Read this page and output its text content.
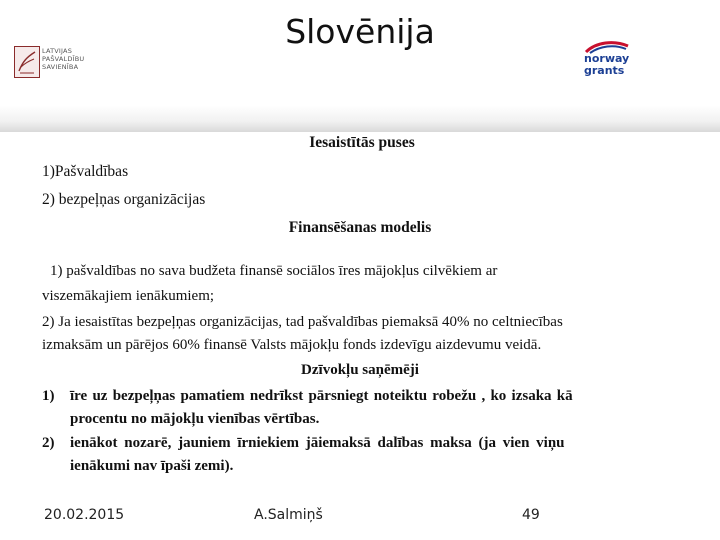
LATVIJAS
PAŠVALDĪBU
SAVIENĪBA
Slovēnija
norway
grants
Iesaistītās puses
1)Pašvaldības
2) bezpeļņas organizācijas
Finansēšanas modelis
1) pašvaldības no sava budžeta finansē sociālos īres mājokļus cilvēkiem ar
viszemākajiem ienākumiem;
2) Ja iesaistītas bezpeļņas organizācijas, tad pašvaldības piemaksā 40% no celtniecības
izmaksām un pārējos 60% finansē Valsts mājokļu fonds izdevīgu aizdevumu veidā.
Dzīvokļu saņēmēji
1) īre uz bezpeļņas pamatiem nedrīkst pārsniegt noteiktu robežu , ko izsaka kā
procentu no mājokļu vienības vērtības.
2) ienākot nozarē, jauniem īrniekiem jāiemaksā dalības maksa (ja vien viņu
ienākumi nav īpaši zemi).
20.02.2015	A.Salmiņš	49
